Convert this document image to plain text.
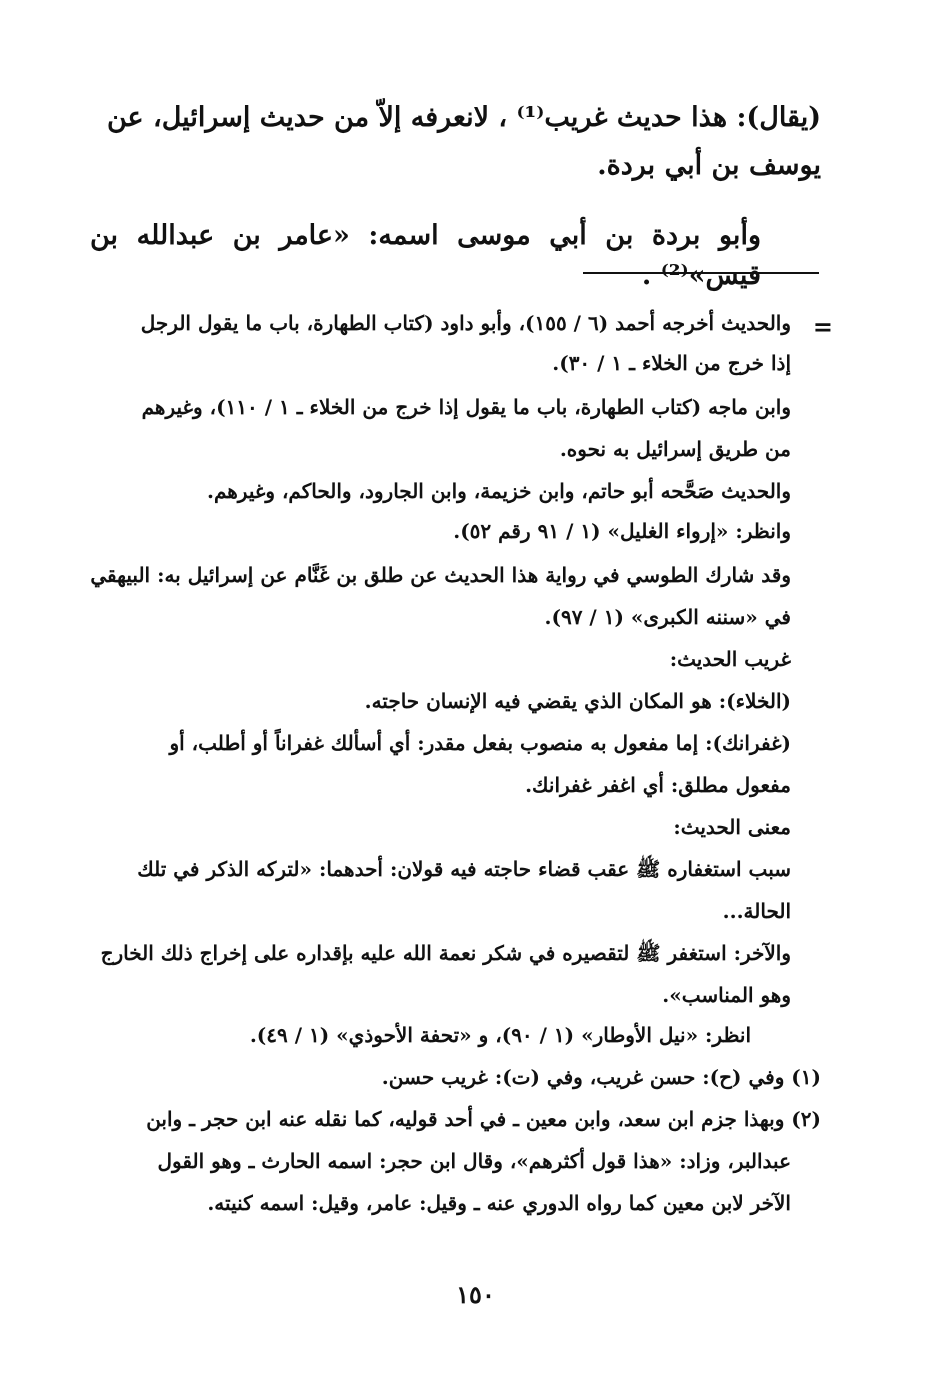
(يقال): هذا حديث غريب⁽¹⁾ ، لانعرفه إلاّ من حديث إسرائيل، عن
يوسف بن أبي بردة.
وأبو بردة بن أبي موسى اسمه: «عامر بن عبدالله بن قيس»⁽²⁾ .
=
والحديث أخرجه أحمد (٦ / ١٥٥)، وأبو داود (كتاب الطهارة، باب ما يقول الرجل
إذا خرج من الخلاء ـ ١ / ٣٠).
وابن ماجه (كتاب الطهارة، باب ما يقول إذا خرج من الخلاء ـ ١ / ١١٠)، وغيرهم
من طريق إسرائيل به نحوه.
والحديث صَحَّحه أبو حاتم، وابن خزيمة، وابن الجارود، والحاكم، وغيرهم.
وانظر: «إرواء الغليل» (١ / ٩١ رقم ٥٢).
وقد شارك الطوسي في رواية هذا الحديث عن طلق بن غَنَّام عن إسرائيل به: البيهقي
في «سننه الكبرى» (١ / ٩٧).
غريب الحديث:
(الخلاء): هو المكان الذي يقضي فيه الإنسان حاجته.
(غفرانك): إما مفعول به منصوب بفعل مقدر: أي أسألك غفراناً أو أطلب، أو
مفعول مطلق: أي اغفر غفرانك.
معنى الحديث:
سبب استغفاره ﷺ عقب قضاء حاجته فيه قولان: أحدهما: «لتركه الذكر في تلك
الحالة...
والآخر: استغفر ﷺ لتقصيره في شكر نعمة الله عليه بإقداره على إخراج ذلك الخارج
وهو المناسب».
انظر: «نيل الأوطار» (١ / ٩٠)، و «تحفة الأحوذي» (١ / ٤٩).
(١) وفي (ح): حسن غريب، وفي (ت): غريب حسن.
(٢) وبهذا جزم ابن سعد، وابن معين ـ في أحد قوليه، كما نقله عنه ابن حجر ـ وابن
عبدالبر، وزاد: «هذا قول أكثرهم»، وقال ابن حجر: اسمه الحارث ـ وهو القول
الآخر لابن معين كما رواه الدوري عنه ـ وقيل: عامر، وقيل: اسمه كنيته.
١٥٠
